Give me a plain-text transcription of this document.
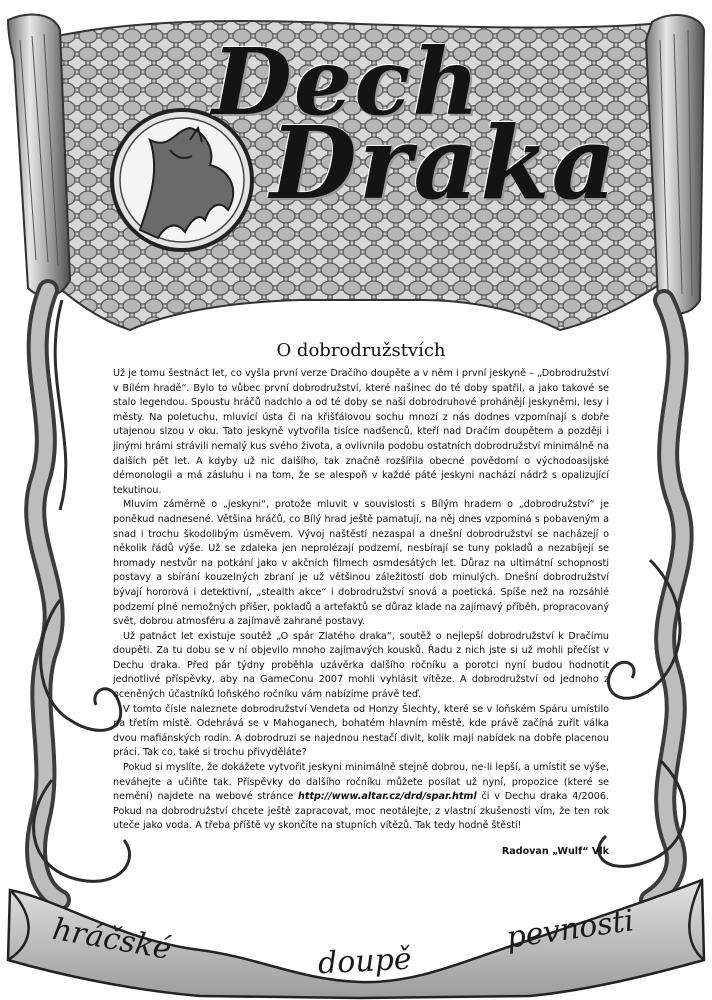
Dech
Draka
O dobrodružstvích

Už je tomu šestnáct let, co vyšla první verze Dračího doupěte a v něm i první jeskyně – „Dobrodružství v Bílém hradě“. Bylo to vůbec první dobrodružství, které našinec do té doby spatřil, a jako takové se stalo legendou. Spoustu hráčů nadchlo a od té doby se naši dobrodruhové prohánějí jeskyněmi, lesy i městy. Na poletuchu, mluvící ústa či na křišťálovou sochu mnozí z nás dodnes vzpomínají s dobře utajenou slzou v oku. Tato jeskyně vytvořila tisíce nadšenců, kteří nad Dračím doupětem a později i jinými hrámi strávili nemalý kus svého života, a ovlivnila podobu ostatních dobrodružství minimálně na dalších pět let. A kdyby už nic dalšího, tak značně rozšířila obecné povědomí o východoasijské démonologii a má zásluhu i na tom, že se alespoň v každé páté jeskyni nachází nádrž s opalizující tekutinou.

Mluvím záměrně o „jeskyni“, protože mluvit v souvislosti s Bílým hradem o „dobrodružství“ je poněkud nadnesené. Většina hráčů, co Bílý hrad ještě pamatují, na něj dnes vzpomíná s pobaveným a snad i trochu škodolibým úsměvem. Vývoj naštěstí nezaspal a dnešní dobrodružství se nacházejí o několik řádů výše. Už se zdaleka jen neprolézají podzemí, nesbírají se tuny pokladů a nezabíjejí se hromady nestvůr na potkání jako v akčních filmech osmdesátých let. Důraz na ultimátní schopnosti postavy a sbírání kouzelných zbraní je už většinou záležitostí dob minulých. Dnešní dobrodružství bývají hororová i detektivní, „stealth akce“ i dobrodružství snová a poetická. Spíše než na rozsáhlé podzemí plné nemožných příšer, pokladů a artefaktů se důraz klade na zajímavý příběh, propracovaný svět, dobrou atmosféru a zajímavě zahrané postavy.

Už patnáct let existuje soutěž „O spár Zlatého draka“, soutěž o nejlepší dobrodružství k Dračímu doupěti. Za tu dobu se v ní objevilo mnoho zajímavých kousků. Řadu z nich jste si už mohli přečíst v Dechu draka. Před pár týdny proběhla uzávěrka dalšího ročníku a porotci nyní budou hodnotit jednotlivé příspěvky, aby na GameConu 2007 mohli vyhlásit vítěze. A dobrodružství od jednoho z oceněných účastníků loňského ročníku vám nabízíme právě teď.

V tomto čísle naleznete dobrodružství Vendeta od Honzy Šlechty, které se v loňském Spáru umístilo na třetím místě. Odehrává se v Mahoganech, bohatém hlavním městě, kde právě začíná zuřit válka dvou mafiánských rodin. A dobrodruzi se najednou nestačí divit, kolik mají nabídek na dobře placenou práci. Tak co, také si trochu přivyděláte?

Pokud si myslíte, že dokážete vytvořit jeskyni minimálně stejně dobrou, ne-li lepší, a umístit se výše, neváhejte a učiňte tak. Příspěvky do dalšího ročníku můžete posílat už nyní, propozice (které se nemění) najdete na webové stránce http://www.altar.cz/drd/spar.html či v Dechu draka 4/2006. Pokud na dobrodružství chcete ještě zapracovat, moc neotálejte, z vlastní zkušenosti vím, že ten rok uteče jako voda. A třeba příště vy skončíte na stupních vítězů. Tak tedy hodně štěstí!

Radovan „Wulf“ Vlk
hráčské	doupě
pevnosti
